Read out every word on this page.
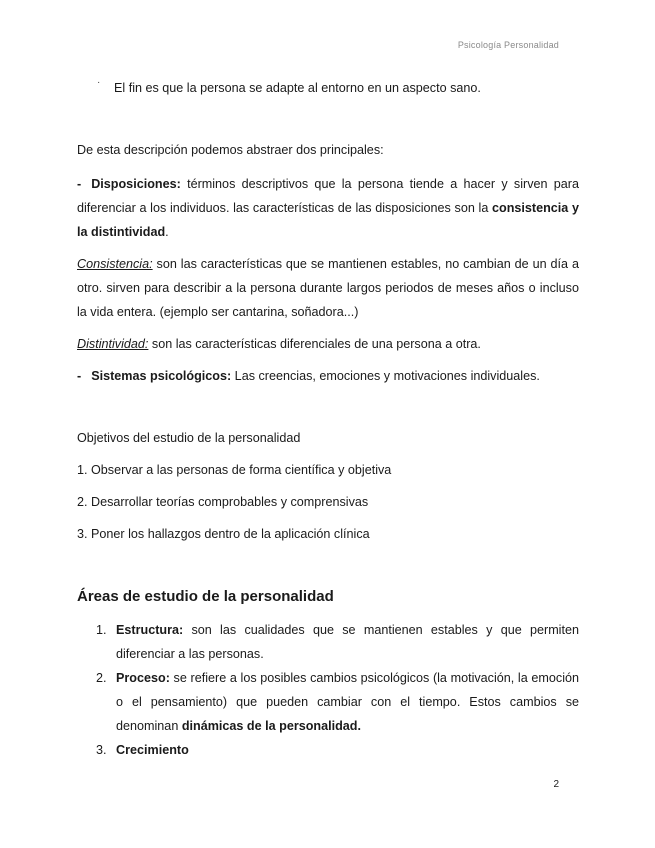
Psicología Personalidad
·	El fin es que la persona se adapte al entorno en un aspecto sano.

De esta descripción podemos abstraer dos principales:

- Disposiciones: términos descriptivos que la persona tiende a hacer y sirven para diferenciar a los individuos. las características de las disposiciones son la consistencia y la distintividad.

Consistencia: son las características que se mantienen estables, no cambian de un día a otro. sirven para describir a la persona durante largos periodos de meses años o incluso la vida entera. (ejemplo ser cantarina, soñadora...)

Distintividad: son las características diferenciales de una persona a otra.

- Sistemas psicológicos: Las creencias, emociones y motivaciones individuales.

Objetivos del estudio de la personalidad

1. Observar a las personas de forma científica y objetiva

2. Desarrollar teorías comprobables y comprensivas

3. Poner los hallazgos dentro de la aplicación clínica

Áreas de estudio de la personalidad
1. Estructura: son las cualidades que se mantienen estables y que permiten diferenciar a las personas.
2. Proceso: se refiere a los posibles cambios psicológicos (la motivación, la emoción o el pensamiento) que pueden cambiar con el tiempo. Estos cambios se denominan dinámicas de la personalidad.
3. Crecimiento
2
